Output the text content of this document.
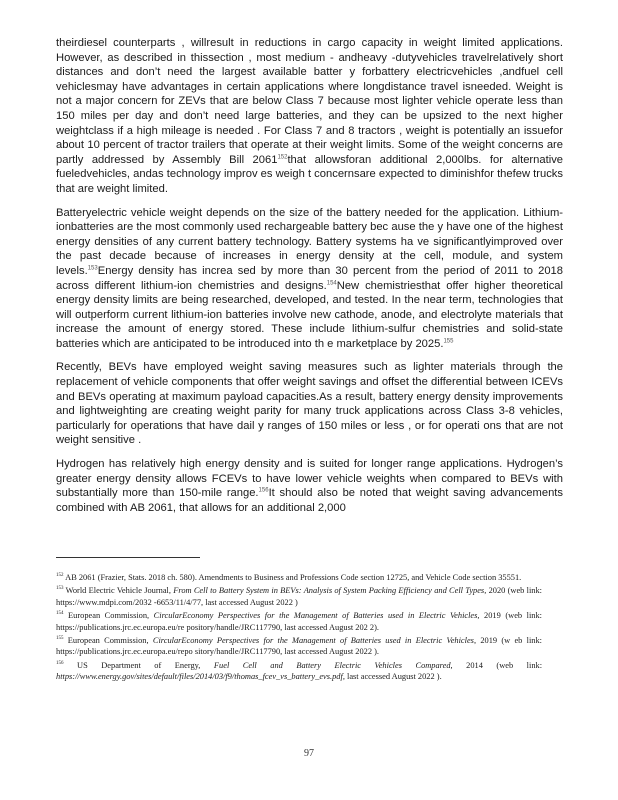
theirdiesel counterparts , willresult in reductions in cargo capacity in weight limited applications. However, as described in thissection , most medium - andheavy -dutyvehicles travelrelatively short distances and don’t need the largest available batter y forbattery electricvehicles ,andfuel cell vehiclesmay have advantages in certain applications where longdistance travel isneeded. Weight is not a major concern for ZEVs that are below Class 7 because most lighter vehicle operate less than 150 miles per day and don’t need large batteries, and they can be upsized to the next higher weightclass if a high mileage is needed . For Class 7 and 8 tractors , weight is potentially an issuefor about 10 percent of tractor trailers that operate at their weight limits. Some of the weight concerns are partly addressed by Assembly Bill 2061$^{152}$that allowsforan additional 2,000lbs. for alternative fueledvehicles, andas technology improv es weigh t concernsare expected to diminishfor thefew trucks that are weight limited.

Batteryelectric vehicle weight depends on the size of the battery needed for the application. Lithium-ionbatteries are the most commonly used rechargeable battery bec ause the y have one of the highest energy densities of any current battery technology. Battery systems ha ve significantlyimproved over the past decade because of increases in energy density at the cell, module, and system levels.$^{153}$Energy density has increa sed by more than 30 percent from the period of 2011 to 2018 across different lithium-ion chemistries and designs.$^{154}$New chemistriesthat offer higher theoretical energy density limits are being researched, developed, and tested. In the near term, technologies that will outperform current lithium-ion batteries involve new cathode, anode, and electrolyte materials that increase the amount of energy stored. These include lithium-sulfur chemistries and solid-state batteries which are anticipated to be introduced into th e marketplace by 2025.$^{155}$

Recently, BEVs have employed weight saving measures such as lighter materials through the replacement of vehicle components that offer weight savings and offset the differential between ICEVs and BEVs operating at maximum payload capacities.As a result, battery energy density improvements and lightweighting are creating weight parity for many truck applications across Class 3-8 vehicles, particularly for operations that have dail y ranges of 150 miles or less , or for operati ons that are not weight sensitive .

Hydrogen has relatively high energy density and is suited for longer range applications. Hydrogen’s greater energy density allows FCEVs to have lower vehicle weights when compared to BEVs with substantially more than 150-mile range.$^{156}$It should also be noted that weight saving advancements combined with AB 2061, that allows for an additional 2,000

$^{152}$ AB 2061 (Frazier, Stats. 2018 ch. 580). Amendments to Business and Professions Code section 12725, and Vehicle Code section 35551.
$^{153}$ World Electric Vehicle Journal, From Cell to Battery System in BEVs: Analysis of System Packing Efficiency and Cell Types, 2020 (web link: https://www.mdpi.com/2032 -6653/11/4/77, last accessed August 2022 )
$^{154}$ European Commission, CircularEconomy Perspectives for the Management of Batteries used in Electric Vehicles, 2019 (web link: https://publications.jrc.ec.europa.eu/re pository/handle/JRC117790, last accessed August 202 2).
$^{155}$ European Commission, CircularEconomy Perspectives for the Management of Batteries used in Electric Vehicles, 2019 (w eb link: https://publications.jrc.ec.europa.eu/repo sitory/handle/JRC117790, last accessed August 2022 ).
$^{156}$ US Department of Energy, Fuel Cell and Battery Electric Vehicles Compared, 2014 (web link: https://www.energy.gov/sites/default/files/2014/03/f9/thomas_fcev_vs_battery_evs.pdf, last accessed August 2022 ).
97
